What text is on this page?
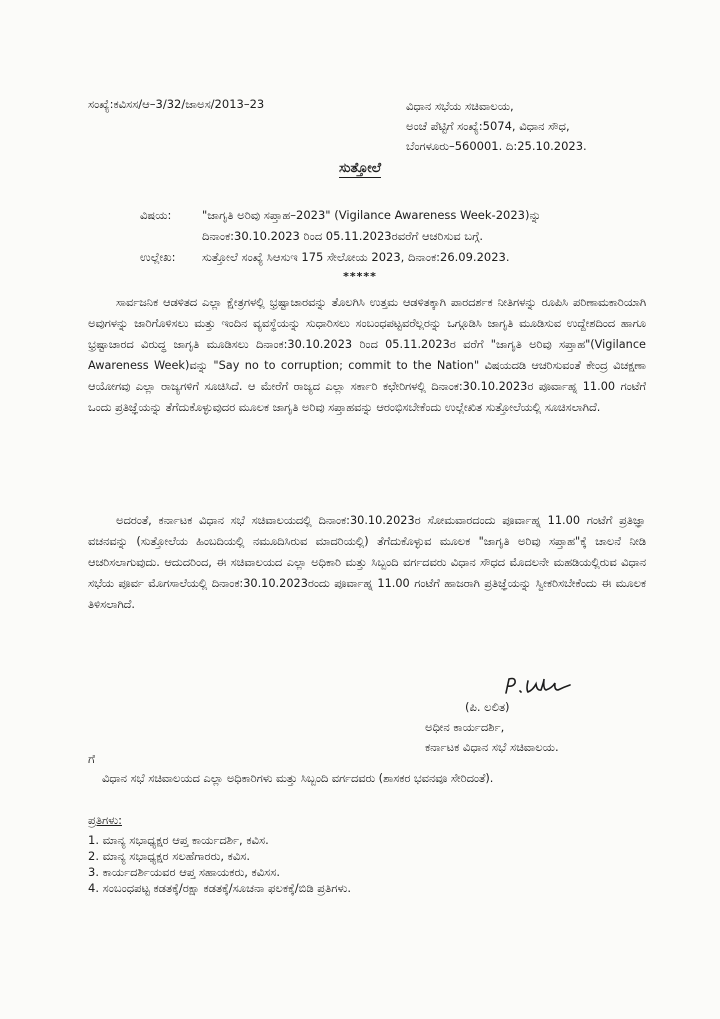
ಸಂಖ್ಯೆ:ಕವಿಸಸ/ಆ–3/32/ಜಾಅಸ/2013–23	ವಿಧಾನ ಸಭೆಯ ಸಚಿವಾಲಯ,
ಅಂಚೆ ಪೆಟ್ಟಿಗೆ ಸಂಖ್ಯೆ:5074, ವಿಧಾನ ಸೌಧ,
ಬೆಂಗಳೂರು–560001. ದಿ:25.10.2023.
ಸುತ್ತೋಲೆ
ವಿಷಯ:	"ಜಾಗೃತಿ ಅರಿವು ಸಪ್ತಾಹ–2023" (Vigilance Awareness Week-2023)ನ್ನು
ದಿನಾಂಕ:30.10.2023 ರಿಂದ 05.11.2023ರವರೆಗೆ ಆಚರಿಸುವ ಬಗ್ಗೆ.
ಉಲ್ಲೇಖ: ಸುತ್ತೋಲೆ ಸಂಖ್ಯೆ ಸಿಆಸುಇ 175 ಸೇಲೋಯ 2023, ದಿನಾಂಕ:26.09.2023.
*****
ಸಾರ್ವಜನಿಕ ಆಡಳಿತದ ಎಲ್ಲಾ ಕ್ಷೇತ್ರಗಳಲ್ಲಿ ಭ್ರಷ್ಟಾಚಾರವನ್ನು ತೊಲಗಿಸಿ ಉತ್ತಮ ಆಡಳಿತಕ್ಕಾಗಿ ಪಾರದರ್ಶಕ ನೀತಿಗಳನ್ನು ರೂಪಿಸಿ ಪರಿಣಾಮಕಾರಿಯಾಗಿ ಅವುಗಳನ್ನು ಜಾರಿಗೊಳಿಸಲು ಮತ್ತು ಇಂದಿನ ವ್ಯವಸ್ಥೆಯನ್ನು ಸುಧಾರಿಸಲು ಸಂಬಂಧಪಟ್ಟವರೆಲ್ಲರನ್ನು ಒಗ್ಗೂಡಿಸಿ ಜಾಗೃತಿ ಮೂಡಿಸುವ ಉದ್ದೇಶದಿಂದ ಹಾಗೂ ಭ್ರಷ್ಟಾಚಾರದ ವಿರುದ್ಧ ಜಾಗೃತಿ ಮೂಡಿಸಲು ದಿನಾಂಕ:30.10.2023 ರಿಂದ 05.11.2023ರ ವರೆಗೆ "ಜಾಗೃತಿ ಅರಿವು ಸಪ್ತಾಹ"(Vigilance Awareness Week)ವನ್ನು "Say no to corruption; commit to the Nation" ವಿಷಯದಡಿ ಆಚರಿಸುವಂತೆ ಕೇಂದ್ರ ವಿಚಕ್ಷಣಾ ಆಯೋಗವು ಎಲ್ಲಾ ರಾಜ್ಯಗಳಿಗೆ ಸೂಚಿಸಿದೆ. ಆ ಮೇರೆಗೆ ರಾಜ್ಯದ ಎಲ್ಲಾ ಸರ್ಕಾರಿ ಕಛೇರಿಗಳಲ್ಲಿ ದಿನಾಂಕ:30.10.2023ರ ಪೂರ್ವಾಹ್ನ 11.00 ಗಂಟೆಗೆ ಒಂದು ಪ್ರತಿಜ್ಞೆಯನ್ನು ತೆಗೆದುಕೊಳ್ಳುವುದರ ಮೂಲಕ ಜಾಗೃತಿ ಅರಿವು ಸಪ್ತಾಹವನ್ನು ಆರಂಭಿಸಬೇಕೆಂದು ಉಲ್ಲೇಖಿತ ಸುತ್ತೋಲೆಯಲ್ಲಿ ಸೂಚಿಸಲಾಗಿದೆ.
ಅದರಂತೆ, ಕರ್ನಾಟಕ ವಿಧಾನ ಸಭೆ ಸಚಿವಾಲಯದಲ್ಲಿ ದಿನಾಂಕ:30.10.2023ರ ಸೋಮವಾರದಂದು ಪೂರ್ವಾಹ್ನ 11.00 ಗಂಟೆಗೆ ಪ್ರತಿಜ್ಞಾ ವಚನವನ್ನು (ಸುತ್ತೋಲೆಯ ಹಿಂಬದಿಯಲ್ಲಿ ನಮೂದಿಸಿರುವ ಮಾದರಿಯಲ್ಲಿ) ತೆಗೆದುಕೊಳ್ಳುವ ಮೂಲಕ "ಜಾಗೃತಿ ಅರಿವು ಸಪ್ತಾಹ"ಕ್ಕೆ ಚಾಲನೆ ನೀಡಿ ಆಚರಿಸಲಾಗುವುದು. ಆದುದರಿಂದ, ಈ ಸಚಿವಾಲಯದ ಎಲ್ಲಾ ಅಧಿಕಾರಿ ಮತ್ತು ಸಿಬ್ಬಂದಿ ವರ್ಗದವರು ವಿಧಾನ ಸೌಧದ ಮೊದಲನೇ ಮಹಡಿಯಲ್ಲಿರುವ ವಿಧಾನ ಸಭೆಯ ಪೂರ್ವ ಮೊಗಸಾಲೆಯಲ್ಲಿ ದಿನಾಂಕ:30.10.2023ರಂದು ಪೂರ್ವಾಹ್ನ 11.00 ಗಂಟೆಗೆ ಹಾಜರಾಗಿ ಪ್ರತಿಜ್ಞೆಯನ್ನು ಸ್ವೀಕರಿಸಬೇಕೆಂದು ಈ ಮೂಲಕ ತಿಳಿಸಲಾಗಿದೆ.
(ಪಿ. ಲಲಿತ)
ಅಧೀನ ಕಾರ್ಯದರ್ಶಿ,
ಕರ್ನಾಟಕ ವಿಧಾನ ಸಭೆ ಸಚಿವಾಲಯ.
ಗೆ
ವಿಧಾನ ಸಭೆ ಸಚಿವಾಲಯದ ಎಲ್ಲಾ ಅಧಿಕಾರಿಗಳು ಮತ್ತು ಸಿಬ್ಬಂದಿ ವರ್ಗದವರು (ಶಾಸಕರ ಭವನವೂ ಸೇರಿದಂತೆ).
ಪ್ರತಿಗಳು:
1. ಮಾನ್ಯ ಸಭಾಧ್ಯಕ್ಷರ ಆಪ್ತ ಕಾರ್ಯದರ್ಶಿ, ಕವಿಸ.
2. ಮಾನ್ಯ ಸಭಾಧ್ಯಕ್ಷರ ಸಲಹೆಗಾರರು, ಕವಿಸ.
3. ಕಾರ್ಯದರ್ಶಿಯವರ ಆಪ್ತ ಸಹಾಯಕರು, ಕವಿಸಸ.
4. ಸಂಬಂಧಪಟ್ಟ ಕಡತಕ್ಕೆ/ರಕ್ಷಾ ಕಡತಕ್ಕೆ/ಸೂಚನಾ ಫಲಕಕ್ಕೆ/ಬಿಡಿ ಪ್ರತಿಗಳು.
